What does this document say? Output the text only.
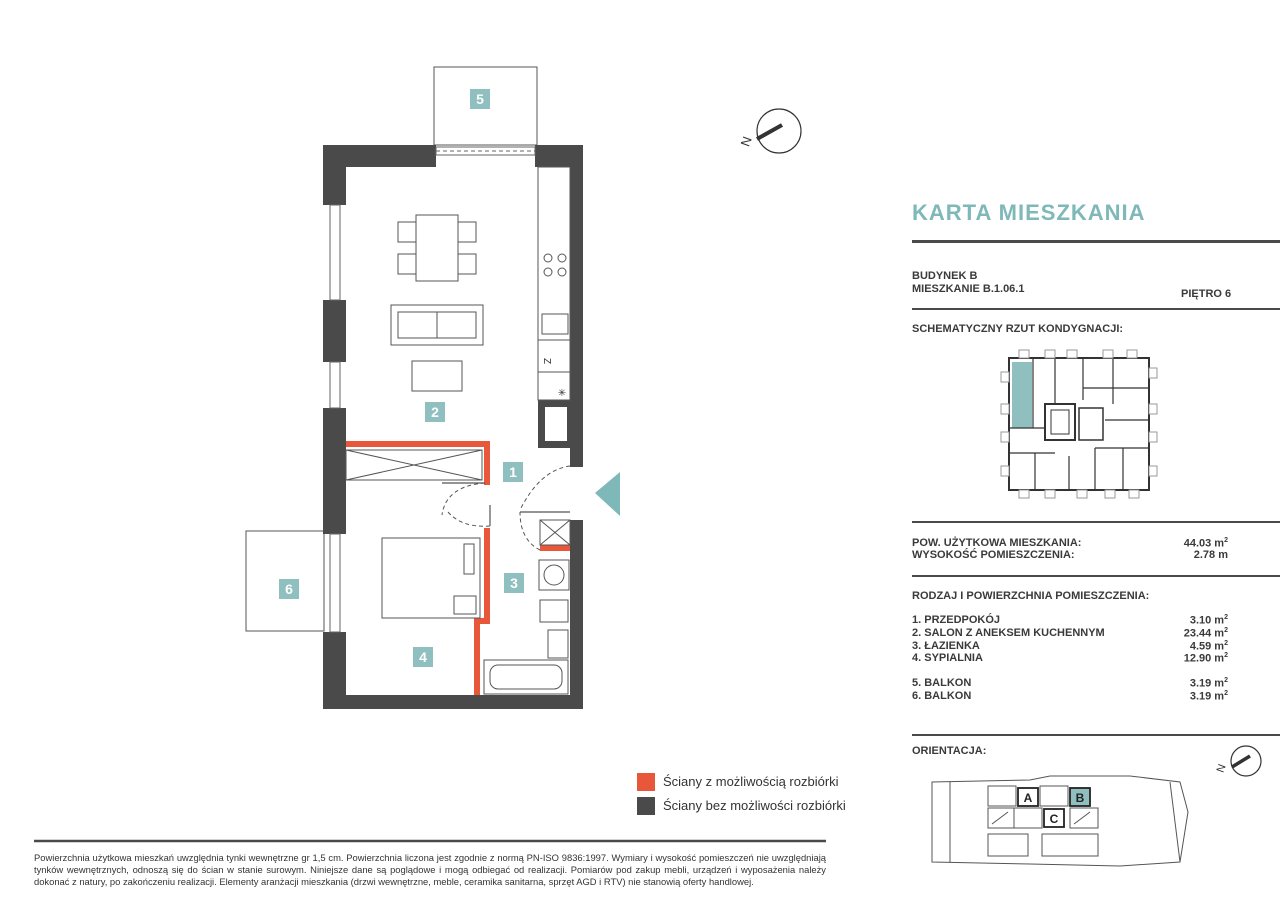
Z
✳
5
2
1
3
6
4
N
Ściany z możliwością rozbiórki
Ściany bez możliwości rozbiórki
Powierzchnia użytkowa mieszkań uwzględnia tynki wewnętrzne gr 1,5 cm. Powierzchnia liczona jest zgodnie z normą PN-ISO 9836:1997. Wymiary i wysokość pomieszczeń nie uwzględniają tynków wewnętrznych, odnoszą się do ścian w stanie surowym. Niniejsze dane są poglądowe i mogą odbiegać od realizacji. Pomiarów pod zakup mebli, urządzeń i wyposażenia należy dokonać z natury, po zakończeniu realizacji. Elementy aranżacji mieszkania (drzwi wewnętrzne, meble, ceramika sanitarna, sprzęt AGD i RTV) nie stanowią oferty handlowej.
KARTA MIESZKANIA
BUDYNEK B
MIESZKANIE B.1.06.1	PIĘTRO 6
SCHEMATYCZNY RZUT KONDYGNACJI:
POW. UŻYTKOWA MIESZKANIA:	44.03 $m^2$
WYSOKOŚĆ POMIESZCZENIA:	2.78 m
RODZAJ I POWIERZCHNIA POMIESZCZENIA:
1. PRZEDPOKÓJ	3.10 $m^2$
2. SALON Z ANEKSEM KUCHENNYM	23.44 $m^2$
3. ŁAZIENKA	4.59 $m^2$
4. SYPIALNIA	12.90 $m^2$
5. BALKON	3.19 $m^2$
6. BALKON	3.19 $m^2$
ORIENTACJA:
N
A	B
C
